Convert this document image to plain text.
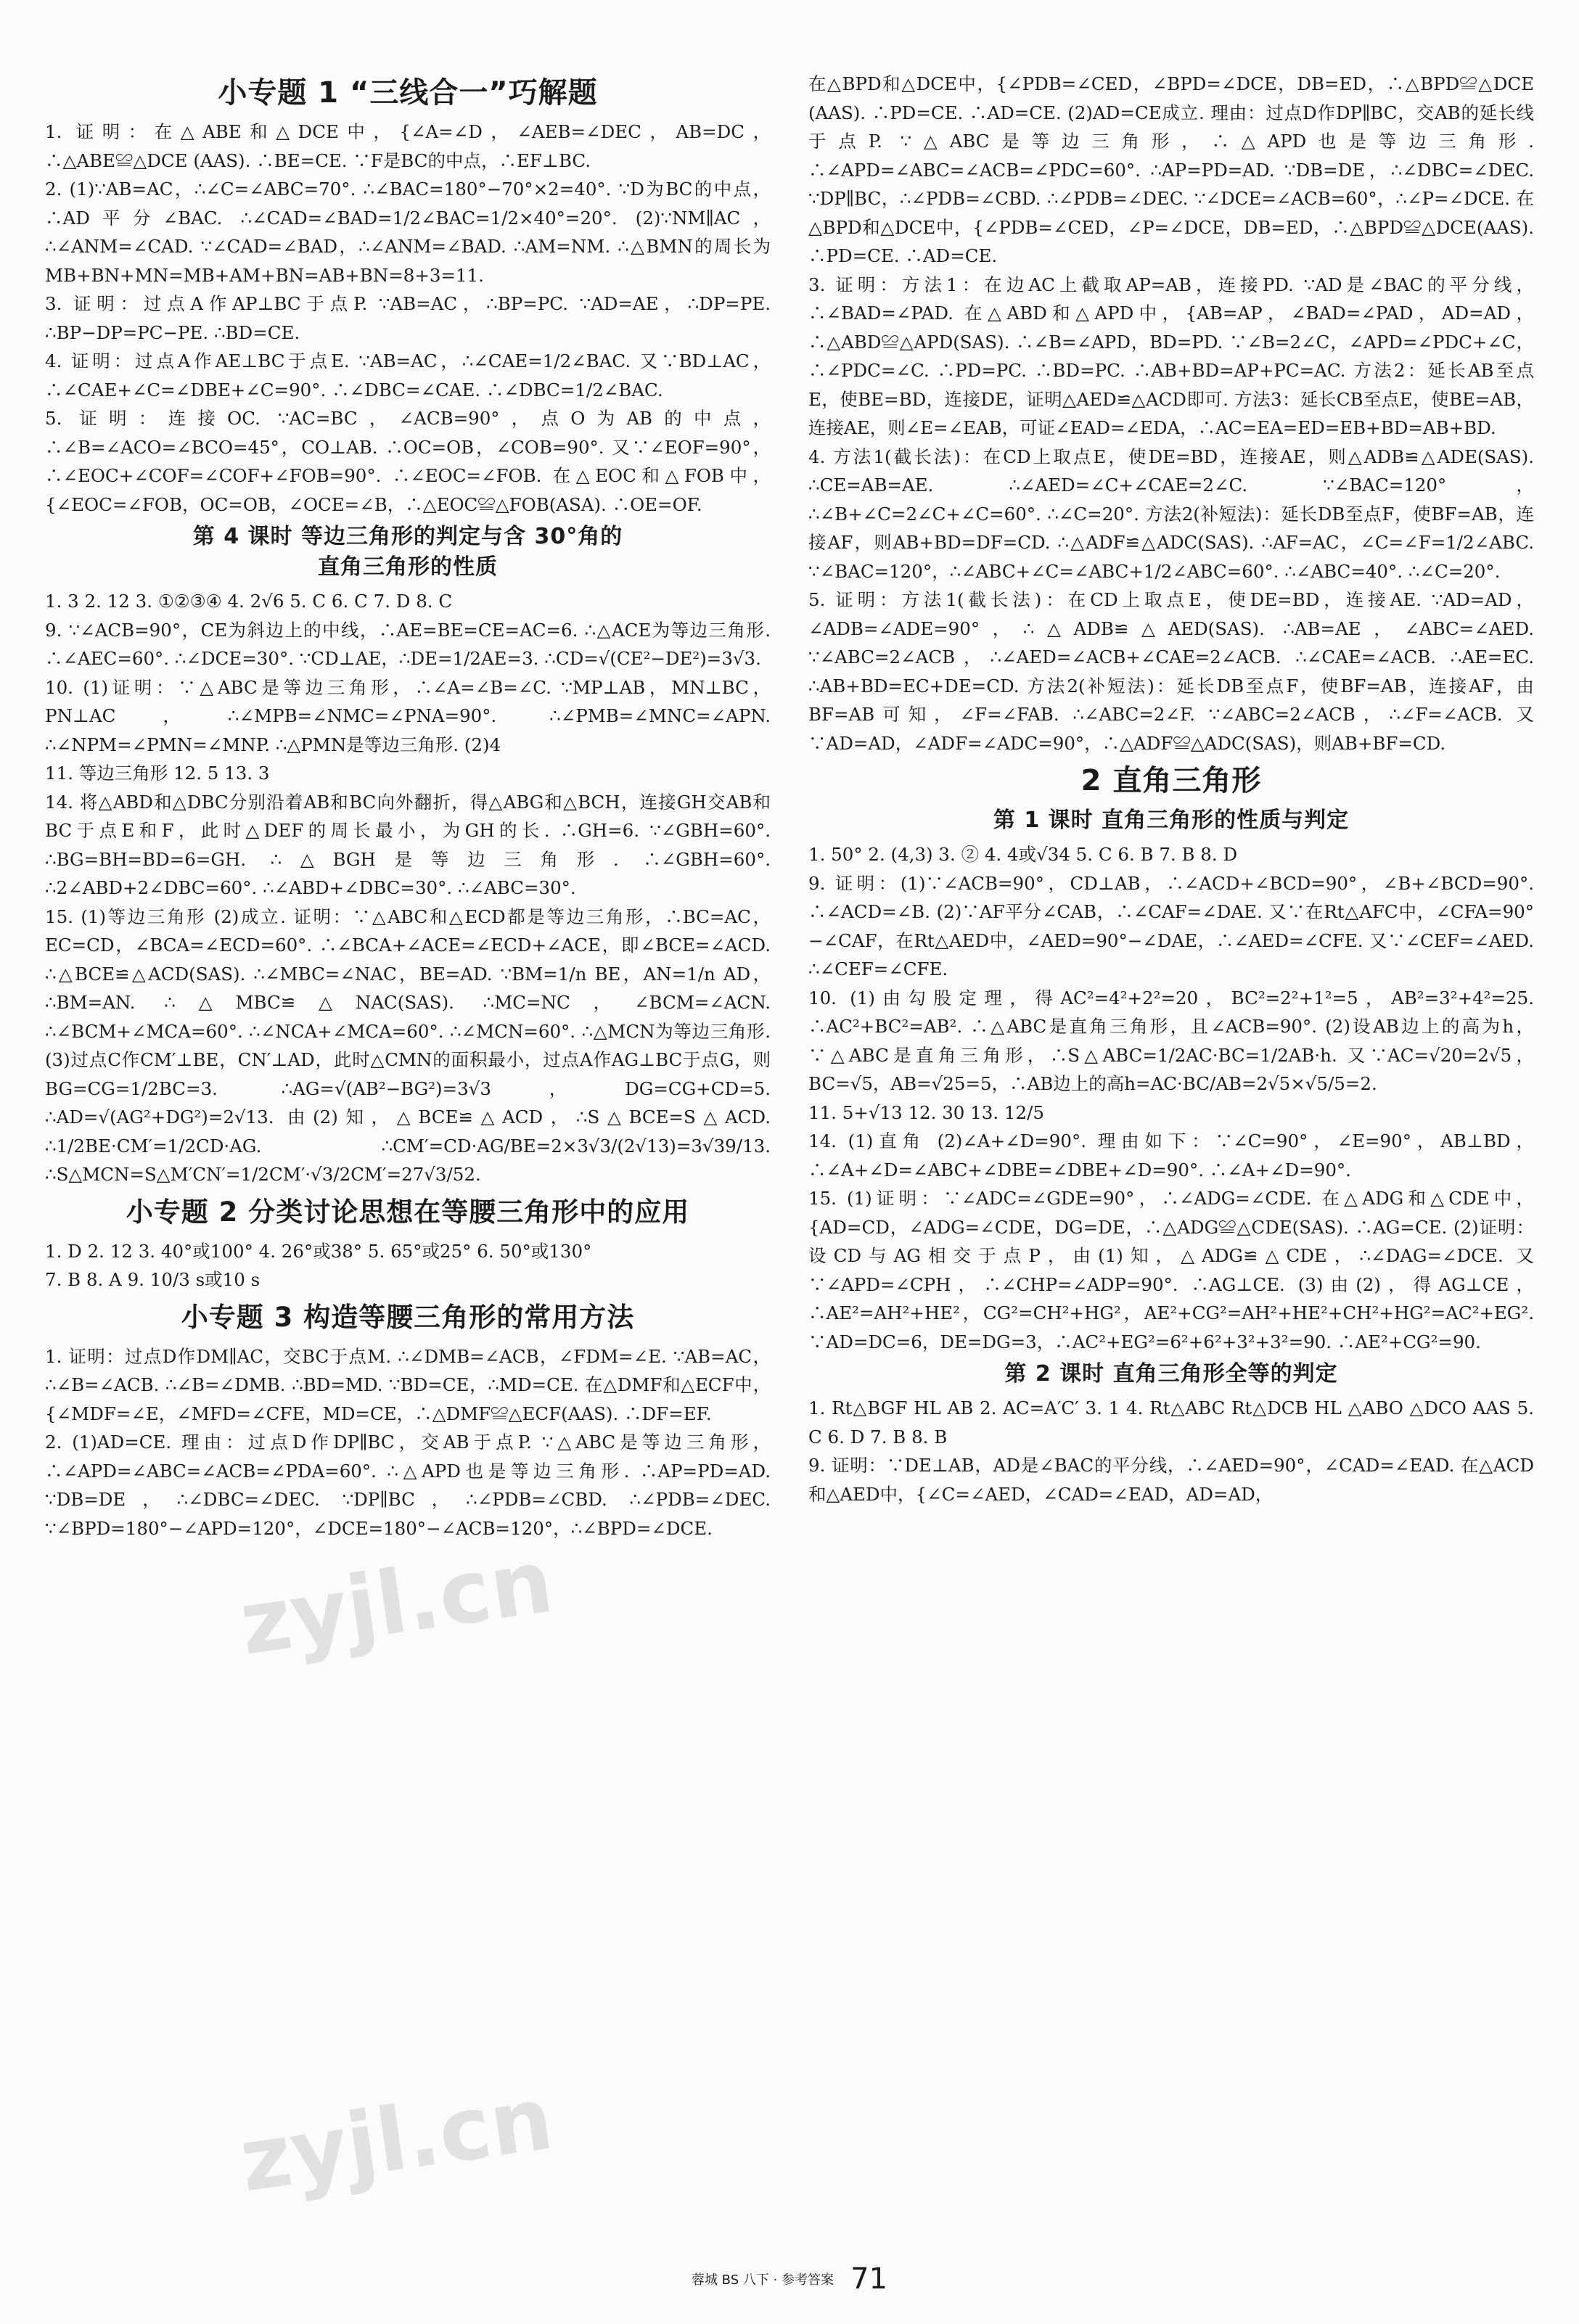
小专题 1 “三线合一”巧解题

1. 证明：在△ABE和△DCE中，{∠A=∠D，∠AEB=∠DEC，AB=DC，∴△ABE≌△DCE (AAS). ∴BE=CE. ∵F是BC的中点，∴EF⊥BC.

2. (1)∵AB=AC，∴∠C=∠ABC=70°. ∴∠BAC=180°−70°×2=40°. ∵D为BC的中点，∴AD平分∠BAC. ∴∠CAD=∠BAD=1/2∠BAC=1/2×40°=20°. (2)∵NM∥AC，∴∠ANM=∠CAD. ∵∠CAD=∠BAD，∴∠ANM=∠BAD. ∴AM=NM. ∴△BMN的周长为MB+BN+MN=MB+AM+BN=AB+BN=8+3=11.

3. 证明：过点A作AP⊥BC于点P. ∵AB=AC，∴BP=PC. ∵AD=AE，∴DP=PE. ∴BP−DP=PC−PE. ∴BD=CE.

4. 证明：过点A作AE⊥BC于点E. ∵AB=AC，∴∠CAE=1/2∠BAC. 又∵BD⊥AC，∴∠CAE+∠C=∠DBE+∠C=90°. ∴∠DBC=∠CAE. ∴∠DBC=1/2∠BAC.

5. 证明：连接OC. ∵AC=BC，∠ACB=90°，点O为AB的中点，∴∠B=∠ACO=∠BCO=45°，CO⊥AB. ∴OC=OB，∠COB=90°. 又∵∠EOF=90°，∴∠EOC+∠COF=∠COF+∠FOB=90°. ∴∠EOC=∠FOB. 在△EOC和△FOB中，{∠EOC=∠FOB，OC=OB，∠OCE=∠B，∴△EOC≌△FOB(ASA). ∴OE=OF.

第 4 课时 等边三角形的判定与含 30°角的
直角三角形的性质

1. 3 2. 12 3. ①②③④ 4. 2√6 5. C 6. C 7. D 8. C

9. ∵∠ACB=90°，CE为斜边上的中线，∴AE=BE=CE=AC=6. ∴△ACE为等边三角形. ∴∠AEC=60°. ∴∠DCE=30°. ∵CD⊥AE，∴DE=1/2AE=3. ∴CD=√(CE²−DE²)=3√3.

10. (1)证明：∵△ABC是等边三角形，∴∠A=∠B=∠C. ∵MP⊥AB，MN⊥BC，PN⊥AC，∴∠MPB=∠NMC=∠PNA=90°. ∴∠PMB=∠MNC=∠APN. ∴∠NPM=∠PMN=∠MNP. ∴△PMN是等边三角形. (2)4

11. 等边三角形 12. 5 13. 3

14. 将△ABD和△DBC分别沿着AB和BC向外翻折，得△ABG和△BCH，连接GH交AB和BC于点E和F，此时△DEF的周长最小，为GH的长. ∴GH=6. ∵∠GBH=60°. ∴BG=BH=BD=6=GH. ∴△BGH是等边三角形. ∴∠GBH=60°. ∴2∠ABD+2∠DBC=60°. ∴∠ABD+∠DBC=30°. ∴∠ABC=30°.

15. (1)等边三角形 (2)成立. 证明：∵△ABC和△ECD都是等边三角形，∴BC=AC，EC=CD，∠BCA=∠ECD=60°. ∴∠BCA+∠ACE=∠ECD+∠ACE，即∠BCE=∠ACD. ∴△BCE≌△ACD(SAS). ∴∠MBC=∠NAC，BE=AD. ∵BM=1/n BE，AN=1/n AD，∴BM=AN. ∴△MBC≌△NAC(SAS). ∴MC=NC，∠BCM=∠ACN. ∴∠BCM+∠MCA=60°. ∴∠NCA+∠MCA=60°. ∴∠MCN=60°. ∴△MCN为等边三角形. (3)过点C作CM′⊥BE，CN′⊥AD，此时△CMN的面积最小，过点A作AG⊥BC于点G，则BG=CG=1/2BC=3. ∴AG=√(AB²−BG²)=3√3，DG=CG+CD=5. ∴AD=√(AG²+DG²)=2√13. 由(2)知，△BCE≌△ACD，∴S△BCE=S△ACD. ∴1/2BE·CM′=1/2CD·AG. ∴CM′=CD·AG/BE=2×3√3/(2√13)=3√39/13. ∴S△MCN=S△M′CN′=1/2CM′·√3/2CM′=27√3/52.

小专题 2 分类讨论思想在等腰三角形中的应用

1. D 2. 12 3. 40°或100° 4. 26°或38° 5. 65°或25° 6. 50°或130°

7. B 8. A 9. 10/3 s或10 s

小专题 3 构造等腰三角形的常用方法

1. 证明：过点D作DM∥AC，交BC于点M. ∴∠DMB=∠ACB，∠FDM=∠E. ∵AB=AC，∴∠B=∠ACB. ∴∠B=∠DMB. ∴BD=MD. ∵BD=CE，∴MD=CE. 在△DMF和△ECF中，{∠MDF=∠E，∠MFD=∠CFE，MD=CE，∴△DMF≌△ECF(AAS). ∴DF=EF.

2. (1)AD=CE. 理由：过点D作DP∥BC，交AB于点P. ∵△ABC是等边三角形，∴∠APD=∠ABC=∠ACB=∠PDA=60°. ∴△APD也是等边三角形. ∴AP=PD=AD. ∵DB=DE，∴∠DBC=∠DEC. ∵DP∥BC，∴∠PDB=∠CBD. ∴∠PDB=∠DEC. ∵∠BPD=180°−∠APD=120°，∠DCE=180°−∠ACB=120°，∴∠BPD=∠DCE.

在△BPD和△DCE中，{∠PDB=∠CED，∠BPD=∠DCE，DB=ED，∴△BPD≌△DCE (AAS). ∴PD=CE. ∴AD=CE. (2)AD=CE成立. 理由：过点D作DP∥BC，交AB的延长线于点P. ∵△ABC是等边三角形，∴△APD也是等边三角形. ∴∠APD=∠ABC=∠ACB=∠PDC=60°. ∴AP=PD=AD. ∵DB=DE，∴∠DBC=∠DEC. ∵DP∥BC，∴∠PDB=∠CBD. ∴∠PDB=∠DEC. ∵∠DCE=∠ACB=60°，∴∠P=∠DCE. 在△BPD和△DCE中，{∠PDB=∠CED，∠P=∠DCE，DB=ED，∴△BPD≌△DCE(AAS). ∴PD=CE. ∴AD=CE.

3. 证明：方法1：在边AC上截取AP=AB，连接PD. ∵AD是∠BAC的平分线，∴∠BAD=∠PAD. 在△ABD和△APD中，{AB=AP，∠BAD=∠PAD，AD=AD，∴△ABD≌△APD(SAS). ∴∠B=∠APD，BD=PD. ∵∠B=2∠C，∠APD=∠PDC+∠C，∴∠PDC=∠C. ∴PD=PC. ∴BD=PC. ∴AB+BD=AP+PC=AC. 方法2：延长AB至点E，使BE=BD，连接DE，证明△AED≌△ACD即可. 方法3：延长CB至点E，使BE=AB，连接AE，则∠E=∠EAB，可证∠EAD=∠EDA，∴AC=EA=ED=EB+BD=AB+BD.

4. 方法1(截长法)：在CD上取点E，使DE=BD，连接AE，则△ADB≌△ADE(SAS). ∴CE=AB=AE. ∴∠AED=∠C+∠CAE=2∠C. ∵∠BAC=120°，∴∠B+∠C=2∠C+∠C=60°. ∴∠C=20°. 方法2(补短法)：延长DB至点F，使BF=AB，连接AF，则AB+BD=DF=CD. ∴△ADF≌△ADC(SAS). ∴AF=AC，∠C=∠F=1/2∠ABC. ∵∠BAC=120°，∴∠ABC+∠C=∠ABC+1/2∠ABC=60°. ∴∠ABC=40°. ∴∠C=20°.

5. 证明：方法1(截长法)：在CD上取点E，使DE=BD，连接AE. ∵AD=AD，∠ADB=∠ADE=90°，∴△ADB≌△AED(SAS). ∴AB=AE，∠ABC=∠AED. ∵∠ABC=2∠ACB，∴∠AED=∠ACB+∠CAE=2∠ACB. ∴∠CAE=∠ACB. ∴AE=EC. ∴AB+BD=EC+DE=CD. 方法2(补短法)：延长DB至点F，使BF=AB，连接AF，由BF=AB可知，∠F=∠FAB. ∴∠ABC=2∠F. ∵∠ABC=2∠ACB，∴∠F=∠ACB. 又∵AD=AD，∠ADF=∠ADC=90°，∴△ADF≌△ADC(SAS)，则AB+BF=CD.

2 直角三角形
第 1 课时 直角三角形的性质与判定

1. 50° 2. (4,3) 3. ② 4. 4或√34 5. C 6. B 7. B 8. D

9. 证明：(1)∵∠ACB=90°，CD⊥AB，∴∠ACD+∠BCD=90°，∠B+∠BCD=90°. ∴∠ACD=∠B. (2)∵AF平分∠CAB，∴∠CAF=∠DAE. 又∵在Rt△AFC中，∠CFA=90°−∠CAF，在Rt△AED中，∠AED=90°−∠DAE，∴∠AED=∠CFE. 又∵∠CEF=∠AED. ∴∠CEF=∠CFE.

10. (1)由勾股定理，得AC²=4²+2²=20，BC²=2²+1²=5，AB²=3²+4²=25. ∴AC²+BC²=AB². ∴△ABC是直角三角形，且∠ACB=90°. (2)设AB边上的高为h，∵△ABC是直角三角形，∴S△ABC=1/2AC·BC=1/2AB·h. 又∵AC=√20=2√5，BC=√5，AB=√25=5，∴AB边上的高h=AC·BC/AB=2√5×√5/5=2.

11. 5+√13 12. 30 13. 12/5

14. (1)直角 (2)∠A+∠D=90°. 理由如下：∵∠C=90°，∠E=90°，AB⊥BD，∴∠A+∠D=∠ABC+∠DBE=∠DBE+∠D=90°. ∴∠A+∠D=90°.

15. (1)证明：∵∠ADC=∠GDE=90°，∴∠ADG=∠CDE. 在△ADG和△CDE中，{AD=CD，∠ADG=∠CDE，DG=DE，∴△ADG≌△CDE(SAS). ∴AG=CE. (2)证明：设CD与AG相交于点P，由(1)知，△ADG≌△CDE，∴∠DAG=∠DCE. 又∵∠APD=∠CPH，∴∠CHP=∠ADP=90°. ∴AG⊥CE. (3)由(2)，得AG⊥CE，∴AE²=AH²+HE²，CG²=CH²+HG²，AE²+CG²=AH²+HE²+CH²+HG²=AC²+EG². ∵AD=DC=6，DE=DG=3，∴AC²+EG²=6²+6²+3²+3²=90. ∴AE²+CG²=90.

第 2 课时 直角三角形全等的判定

1. Rt△BGF HL AB 2. AC=A′C′ 3. 1 4. Rt△ABC Rt△DCB HL △ABO △DCO AAS 5. C 6. D 7. B 8. B

9. 证明：∵DE⊥AB，AD是∠BAC的平分线，∴∠AED=90°，∠CAD=∠EAD. 在△ACD和△AED中，{∠C=∠AED，∠CAD=∠EAD，AD=AD，

zyjl.cn
zyjl.cn
蓉城 BS 八下 · 参考答案 71
